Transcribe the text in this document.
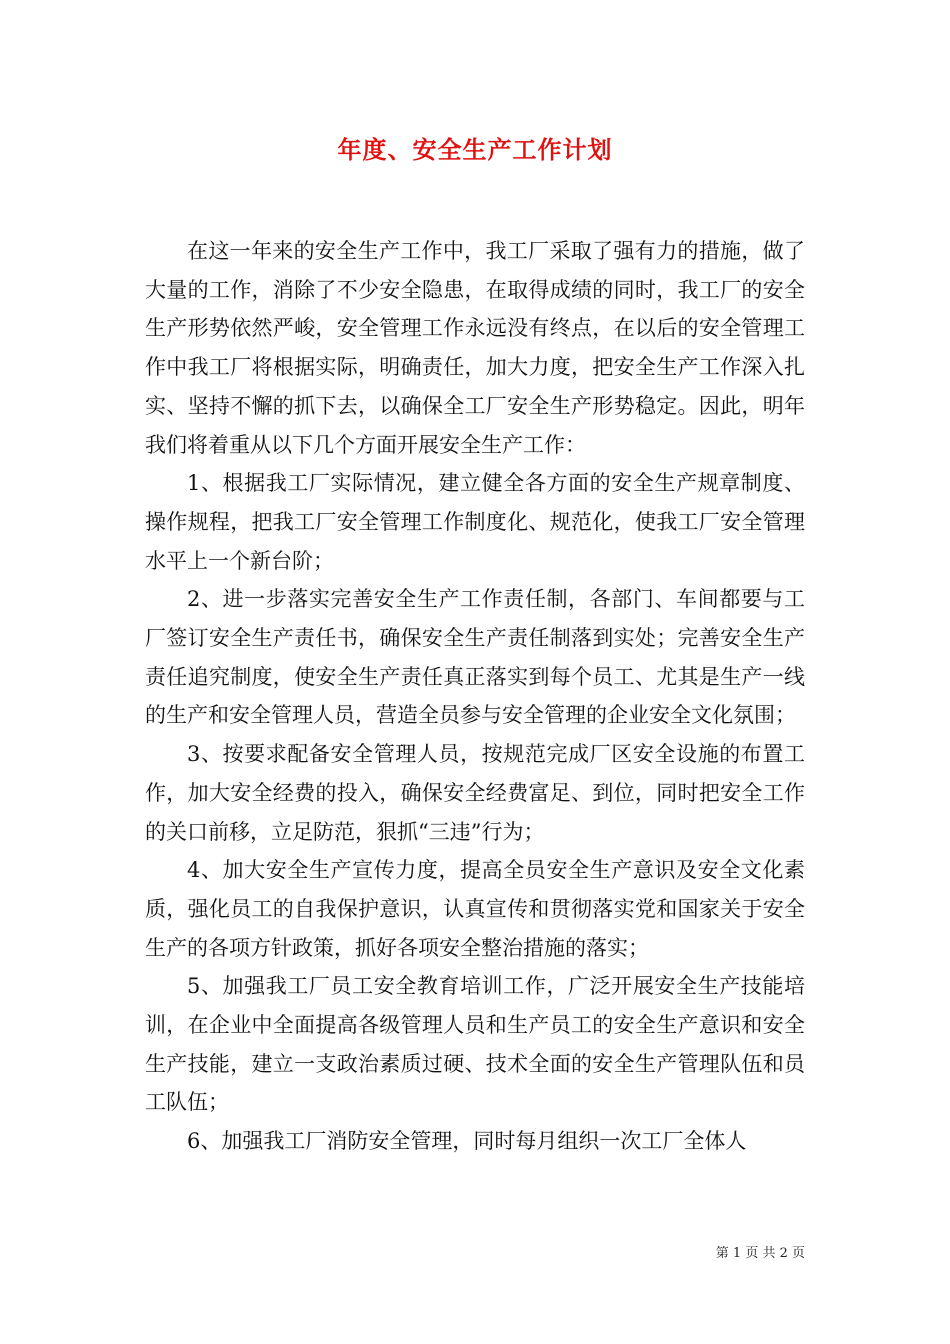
年度、安全生产工作计划

在这一年来的安全生产工作中，我工厂采取了强有力的措施，做了大量的工作，消除了不少安全隐患，在取得成绩的同时，我工厂的安全生产形势依然严峻，安全管理工作永远没有终点，在以后的安全管理工作中我工厂将根据实际，明确责任，加大力度，把安全生产工作深入扎实、坚持不懈的抓下去，以确保全工厂安全生产形势稳定。因此，明年我们将着重从以下几个方面开展安全生产工作：

1、根据我工厂实际情况，建立健全各方面的安全生产规章制度、操作规程，把我工厂安全管理工作制度化、规范化，使我工厂安全管理水平上一个新台阶；

2、进一步落实完善安全生产工作责任制，各部门、车间都要与工厂签订安全生产责任书，确保安全生产责任制落到实处；完善安全生产责任追究制度，使安全生产责任真正落实到每个员工、尤其是生产一线的生产和安全管理人员，营造全员参与安全管理的企业安全文化氛围；

3、按要求配备安全管理人员，按规范完成厂区安全设施的布置工作，加大安全经费的投入，确保安全经费富足、到位，同时把安全工作的关口前移，立足防范，狠抓“三违”行为；

4、加大安全生产宣传力度，提高全员安全生产意识及安全文化素质，强化员工的自我保护意识，认真宣传和贯彻落实党和国家关于安全生产的各项方针政策，抓好各项安全整治措施的落实；

5、加强我工厂员工安全教育培训工作，广泛开展安全生产技能培训，在企业中全面提高各级管理人员和生产员工的安全生产意识和安全生产技能，建立一支政治素质过硬、技术全面的安全生产管理队伍和员工队伍；

6、加强我工厂消防安全管理，同时每月组织一次工厂全体人

第 1 页 共 2 页
